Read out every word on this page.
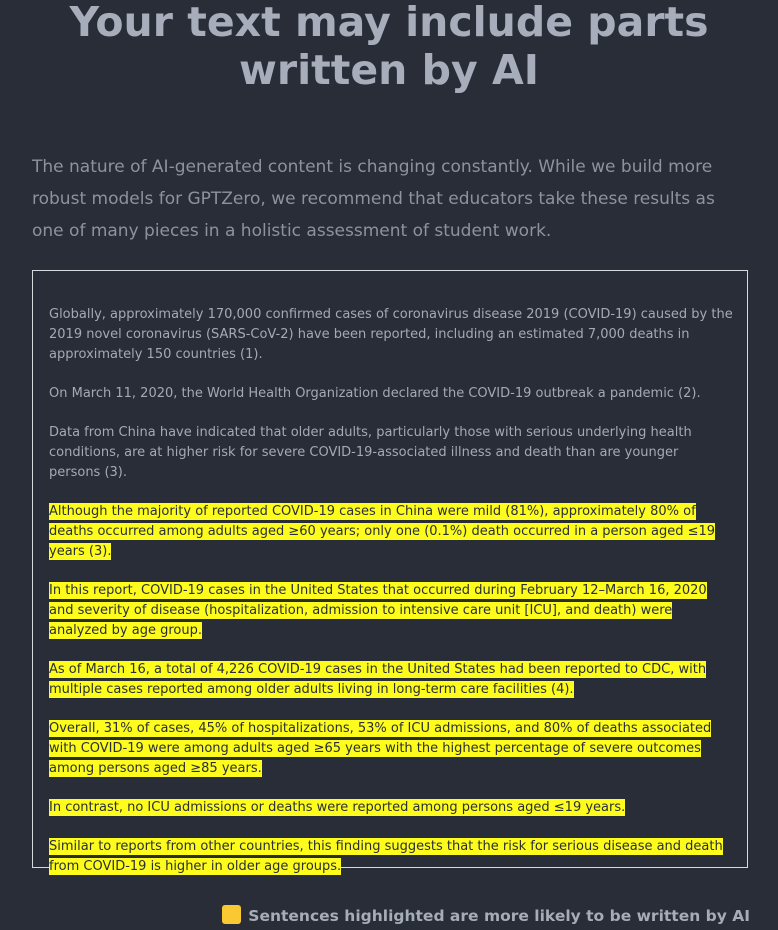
Your text may include parts
written by AI

The nature of AI-generated content is changing constantly. While we build more robust models for GPTZero, we recommend that educators take these results as one of many pieces in a holistic assessment of student work.

Globally, approximately 170,000 confirmed cases of coronavirus disease 2019 (COVID-19) caused by the 2019 novel coronavirus (SARS-CoV-2) have been reported, including an estimated 7,000 deaths in approximately 150 countries (1).

On March 11, 2020, the World Health Organization declared the COVID-19 outbreak a pandemic (2).

Data from China have indicated that older adults, particularly those with serious underlying health conditions, are at higher risk for severe COVID-19-associated illness and death than are younger persons (3).

Although the majority of reported COVID-19 cases in China were mild (81%), approximately 80% of deaths occurred among adults aged ≥60 years; only one (0.1%) death occurred in a person aged ≤19 years (3).

In this report, COVID-19 cases in the United States that occurred during February 12–March 16, 2020 and severity of disease (hospitalization, admission to intensive care unit [ICU], and death) were analyzed by age group.

As of March 16, a total of 4,226 COVID-19 cases in the United States had been reported to CDC, with multiple cases reported among older adults living in long-term care facilities (4).

Overall, 31% of cases, 45% of hospitalizations, 53% of ICU admissions, and 80% of deaths associated with COVID-19 were among adults aged ≥65 years with the highest percentage of severe outcomes among persons aged ≥85 years.

In contrast, no ICU admissions or deaths were reported among persons aged ≤19 years.

Similar to reports from other countries, this finding suggests that the risk for serious disease and death from COVID-19 is higher in older age groups.

Sentences highlighted are more likely to be written by AI
